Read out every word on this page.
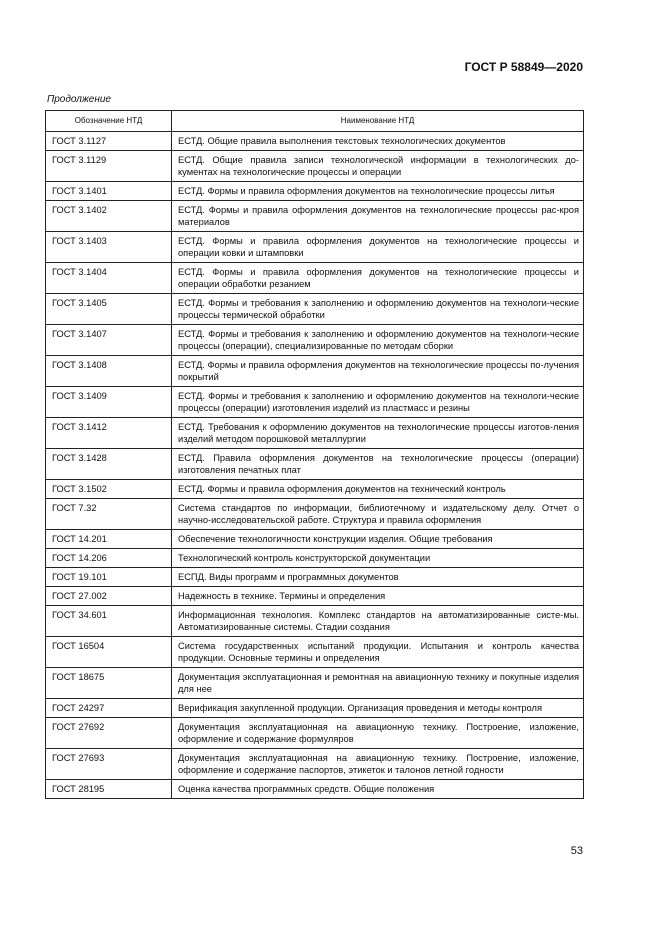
ГОСТ Р 58849—2020
Продолжение
Обозначение НТД	Наименование НТД
ГОСТ 3.1127	ЕСТД. Общие правила выполнения текстовых технологических документов
ГОСТ 3.1129	ЕСТД. Общие правила записи технологической информации в технологических до-кументах на технологические процессы и операции
ГОСТ 3.1401	ЕСТД. Формы и правила оформления документов на технологические процессы литья
ГОСТ 3.1402	ЕСТД. Формы и правила оформления документов на технологические процессы рас-кроя материалов
ГОСТ 3.1403	ЕСТД. Формы и правила оформления документов на технологические процессы и операции ковки и штамповки
ГОСТ 3.1404	ЕСТД. Формы и правила оформления документов на технологические процессы и операции обработки резанием
ГОСТ 3.1405	ЕСТД. Формы и требования к заполнению и оформлению документов на технологи-ческие процессы термической обработки
ГОСТ 3.1407	ЕСТД. Формы и требования к заполнению и оформлению документов на технологи-ческие процессы (операции), специализированные по методам сборки
ГОСТ 3.1408	ЕСТД. Формы и правила оформления документов на технологические процессы по-лучения покрытий
ГОСТ 3.1409	ЕСТД. Формы и требования к заполнению и оформлению документов на технологи-ческие процессы (операции) изготовления изделий из пластмасс и резины
ГОСТ 3.1412	ЕСТД. Требования к оформлению документов на технологические процессы изготов-ления изделий методом порошковой металлургии
ГОСТ 3.1428	ЕСТД. Правила оформления документов на технологические процессы (операции) изготовления печатных плат
ГОСТ 3.1502	ЕСТД. Формы и правила оформления документов на технический контроль
ГОСТ 7.32	Система стандартов по информации, библиотечному и издательскому делу. Отчет о научно-исследовательской работе. Структура и правила оформления
ГОСТ 14.201	Обеспечение технологичности конструкции изделия. Общие требования
ГОСТ 14.206	Технологический контроль конструкторской документации
ГОСТ 19.101	ЕСПД. Виды программ и программных документов
ГОСТ 27.002	Надежность в технике. Термины и определения
ГОСТ 34.601	Информационная технология. Комплекс стандартов на автоматизированные систе-мы. Автоматизированные системы. Стадии создания
ГОСТ 16504	Система государственных испытаний продукции. Испытания и контроль качества продукции. Основные термины и определения
ГОСТ 18675	Документация эксплуатационная и ремонтная на авиационную технику и покупные изделия для нее
ГОСТ 24297	Верификация закупленной продукции. Организация проведения и методы контроля
ГОСТ 27692	Документация эксплуатационная на авиационную технику. Построение, изложение, оформление и содержание формуляров
ГОСТ 27693	Документация эксплуатационная на авиационную технику. Построение, изложение, оформление и содержание паспортов, этикеток и талонов летной годности
ГОСТ 28195	Оценка качества программных средств. Общие положения
53
